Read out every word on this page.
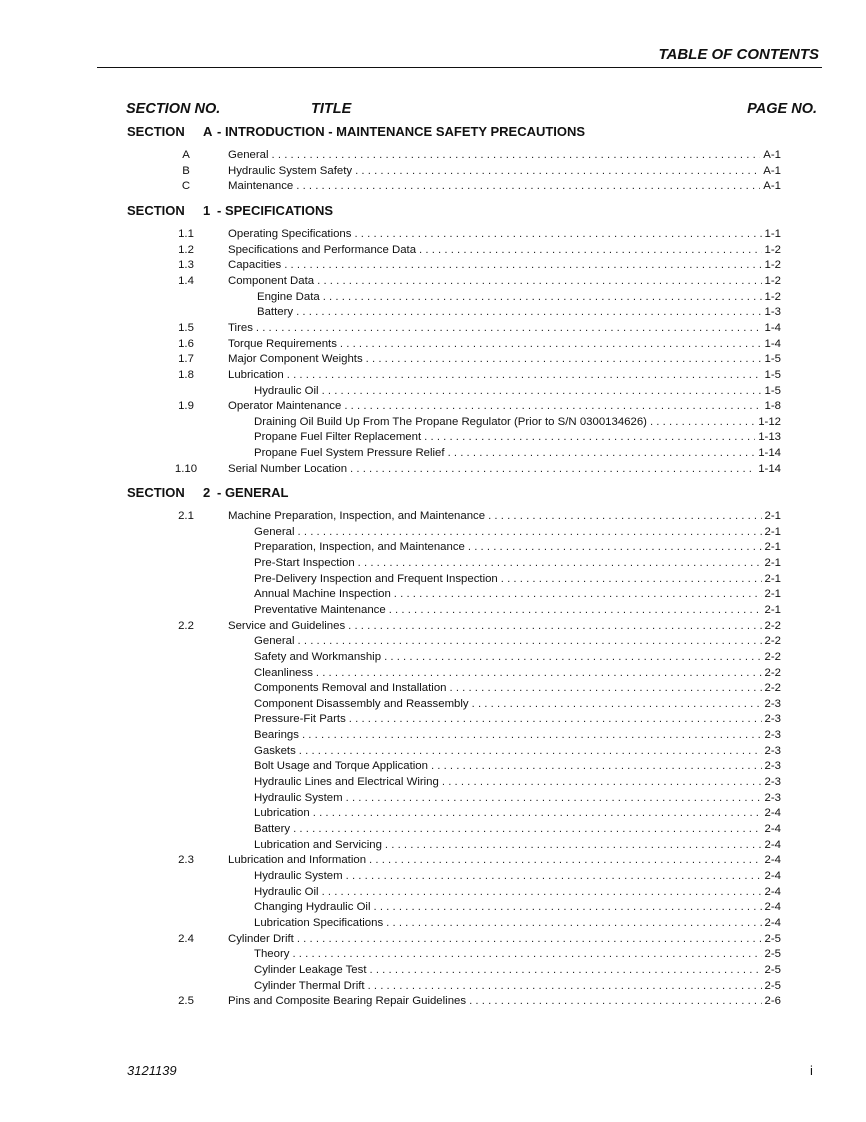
TABLE OF CONTENTS
SECTION NO.	TITLE	PAGE NO.
SECTION A - INTRODUCTION - MAINTENANCE SAFETY PRECAUTIONS
A	General . . .	A-1
B	Hydraulic System Safety . . .	A-1
C	Maintenance . . .	A-1
SECTION 1 - SPECIFICATIONS
1.1	Operating Specifications . . .	1-1
1.2	Specifications and Performance Data . . .	1-2
1.3	Capacities . . .	1-2
1.4	Component Data . . .	1-2
Engine Data . . .	1-2
Battery . . .	1-3
1.5	Tires . . .	1-4
1.6	Torque Requirements . . .	1-4
1.7	Major Component Weights . . .	1-5
1.8	Lubrication . . .	1-5
Hydraulic Oil . . .	1-5
1.9	Operator Maintenance . . .	1-8
Draining Oil Build Up From The Propane Regulator (Prior to S/N 0300134626) . . .	1-12
Propane Fuel Filter Replacement . . .	1-13
Propane Fuel System Pressure Relief . . .	1-14
1.10	Serial Number Location . . .	1-14
SECTION 2 - GENERAL
2.1	Machine Preparation, Inspection, and Maintenance . . .	2-1
General . . .	2-1
Preparation, Inspection, and Maintenance . . .	2-1
Pre-Start Inspection . . .	2-1
Pre-Delivery Inspection and Frequent Inspection . . .	2-1
Annual Machine Inspection . . .	2-1
Preventative Maintenance . . .	2-1
2.2	Service and Guidelines . . .	2-2
General . . .	2-2
Safety and Workmanship . . .	2-2
Cleanliness . . .	2-2
Components Removal and Installation . . .	2-2
Component Disassembly and Reassembly . . .	2-3
Pressure-Fit Parts . . .	2-3
Bearings . . .	2-3
Gaskets . . .	2-3
Bolt Usage and Torque Application . . .	2-3
Hydraulic Lines and Electrical Wiring . . .	2-3
Hydraulic System . . .	2-3
Lubrication . . .	2-4
Battery . . .	2-4
Lubrication and Servicing . . .	2-4
2.3	Lubrication and Information . . .	2-4
Hydraulic System . . .	2-4
Hydraulic Oil . . .	2-4
Changing Hydraulic Oil . . .	2-4
Lubrication Specifications . . .	2-4
2.4	Cylinder Drift . . .	2-5
Theory . . .	2-5
Cylinder Leakage Test . . .	2-5
Cylinder Thermal Drift . . .	2-5
2.5	Pins and Composite Bearing Repair Guidelines . . .	2-6
3121139	i
